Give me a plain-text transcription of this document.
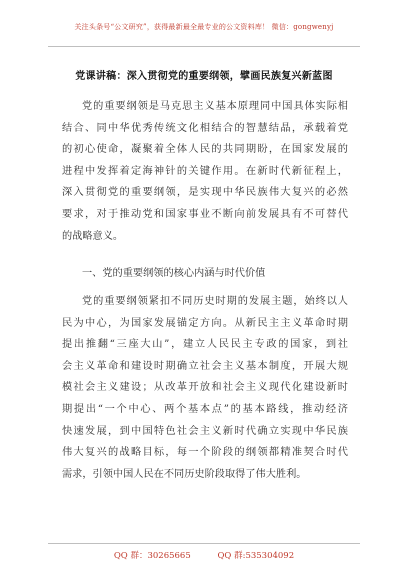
关注头条号“公文研究”，获得最新最全最专业的公文资料库！ 微信：gongwenyj
党课讲稿：深入贯彻党的重要纲领，擘画民族复兴新蓝图
党的重要纲领是马克思主义基本原理同中国具体实际相
结合、同中华优秀传统文化相结合的智慧结晶，承载着党
的初心使命，凝聚着全体人民的共同期盼，在国家发展的
进程中发挥着定海神针的关键作用。在新时代新征程上，
深入贯彻党的重要纲领，是实现中华民族伟大复兴的必然
要求，对于推动党和国家事业不断向前发展具有不可替代
的战略意义。
一、党的重要纲领的核心内涵与时代价值
党的重要纲领紧扣不同历史时期的发展主题，始终以人
民为中心，为国家发展锚定方向。从新民主主义革命时期
提出推翻“三座大山”，建立人民民主专政的国家，到社
会主义革命和建设时期确立社会主义基本制度，开展大规
模社会主义建设；从改革开放和社会主义现代化建设新时
期提出“一个中心、两个基本点”的基本路线，推动经济
快速发展，到中国特色社会主义新时代确立实现中华民族
伟大复兴的战略目标，每一个阶段的纲领都精准契合时代
需求，引领中国人民在不同历史阶段取得了伟大胜利。
QQ 群：30265665	QQ 群:535304092
